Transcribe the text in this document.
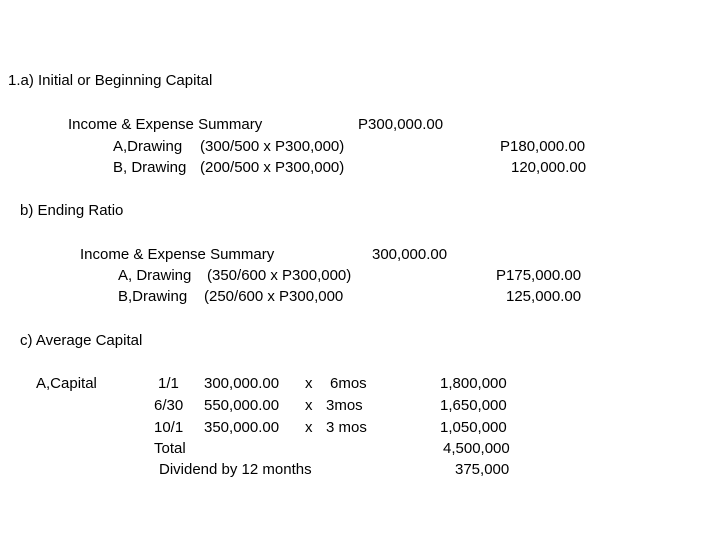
1.a) Initial or Beginning Capital
Income & Expense Summary	P300,000.00
A,Drawing (300/500 x P300,000)	P180,000.00
B, Drawing (200/500 x P300,000)	120,000.00
b) Ending Ratio
Income & Expense Summary	300,000.00
A, Drawing (350/600 x P300,000)	P175,000.00
B,Drawing (250/600 x P300,000	125,000.00
c) Average Capital
A,Capital	1/1 300,000.00 x 6mos	1,800,000
6/30 550,000.00 x 3mos	1,650,000
10/1 350,000.00 x 3 mos	1,050,000
Total	4,500,000
Dividend by 12 months	375,000
